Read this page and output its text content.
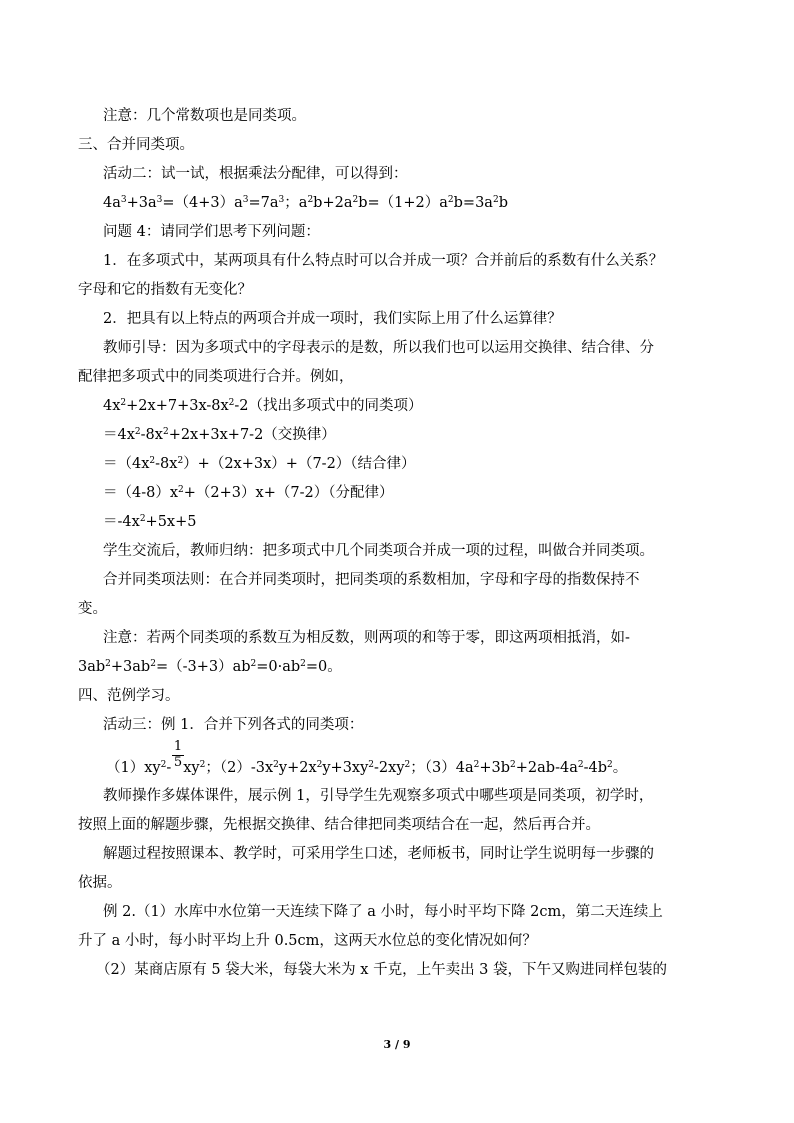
注意：几个常数项也是同类项。

三、合并同类项。

活动二：试一试，根据乘法分配律，可以得到：

$4a^3+3a^3=(4+3)a^3=7a^3$；$a^2b+2a^2b=(1+2)a^2b=3a^2b$

问题 4：请同学们思考下列问题：

1．在多项式中，某两项具有什么特点时可以合并成一项？合并前后的系数有什么关系？

字母和它的指数有无变化？

2．把具有以上特点的两项合并成一项时，我们实际上用了什么运算律？

教师引导：因为多项式中的字母表示的是数，所以我们也可以运用交换律、结合律、分

配律把多项式中的同类项进行合并。例如，

$4x^2+2x+7+3x-8x^2-2$（找出多项式中的同类项）

$=4x^2-8x^2+2x+3x+7-2$（交换律）

$=(4x^2-8x^2)+(2x+3x)+(7-2)$（结合律）

$=(4-8)x^2+(2+3)x+(7-2)$（分配律）

$=-4x^2+5x+5$

学生交流后，教师归纳：把多项式中几个同类项合并成一项的过程，叫做合并同类项。

合并同类项法则：在合并同类项时，把同类项的系数相加，字母和字母的指数保持不

变。

注意：若两个同类项的系数互为相反数，则两项的和等于零，即这两项相抵消，如-

$3ab^2+3ab^2=(-3+3)ab^2=0\cdot ab^2=0$。

四、范例学习。

活动三：例 1．合并下列各式的同类项：

$\frac{1}{5}$
$(1)xy^2-$ $xy^2$；$(2)-3x^2y+2x^2y+3xy^2-2xy^2$；$(3)4a^2+3b^2+2ab-4a^2-4b^2$。

教师操作多媒体课件，展示例 1，引导学生先观察多项式中哪些项是同类项，初学时，

按照上面的解题步骤，先根据交换律、结合律把同类项结合在一起，然后再合并。

解题过程按照课本、教学时，可采用学生口述，老师板书，同时让学生说明每一步骤的

依据。

例 2.（1）水库中水位第一天连续下降了 a 小时，每小时平均下降 2cm，第二天连续上

升了 a 小时，每小时平均上升 0.5cm，这两天水位总的变化情况如何？

（2）某商店原有 5 袋大米，每袋大米为 x 千克，上午卖出 3 袋，下午又购进同样包装的

3 / 9
